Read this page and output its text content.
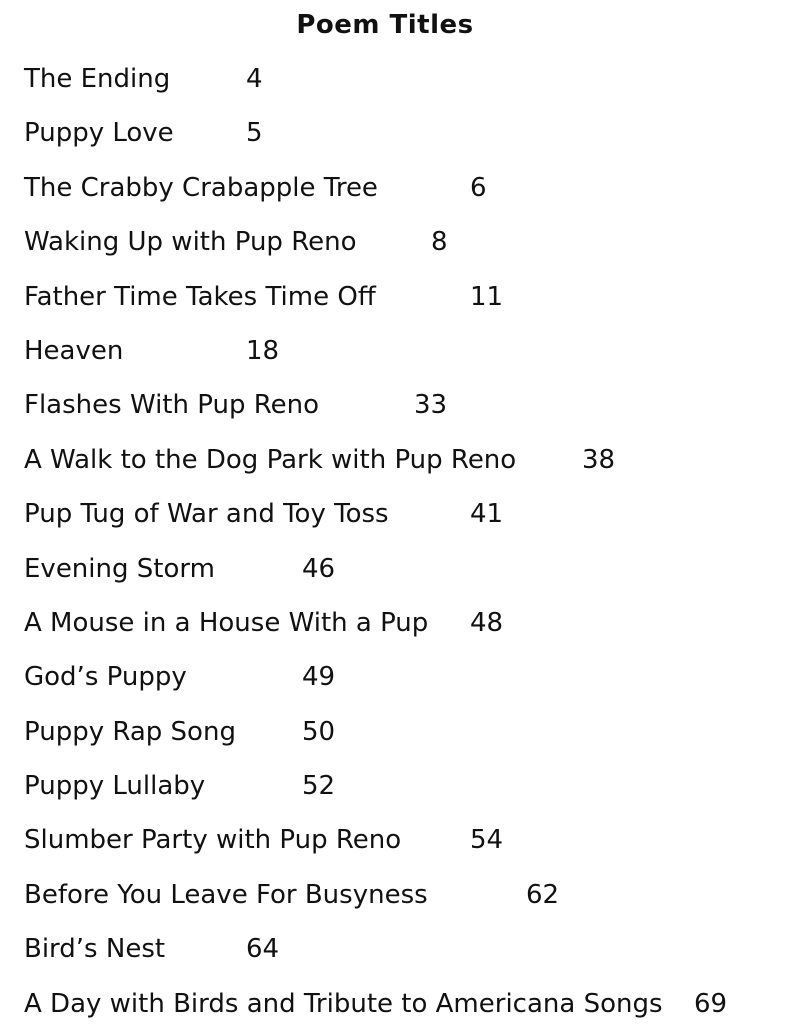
Poem Titles
The Ending	4
Puppy Love	5
The Crabby Crabapple Tree	6
Waking Up with Pup Reno	8
Father Time Takes Time Off	11
Heaven	18
Flashes With Pup Reno	33
A Walk to the Dog Park with Pup Reno	38
Pup Tug of War and Toy Toss	41
Evening Storm	46
A Mouse in a House With a Pup 48
God’s Puppy	49
Puppy Rap Song	50
Puppy Lullaby	52
Slumber Party with Pup Reno	54
Before You Leave For Busyness	62
Bird’s Nest	64
A Day with Birds and Tribute to Americana Songs 69
